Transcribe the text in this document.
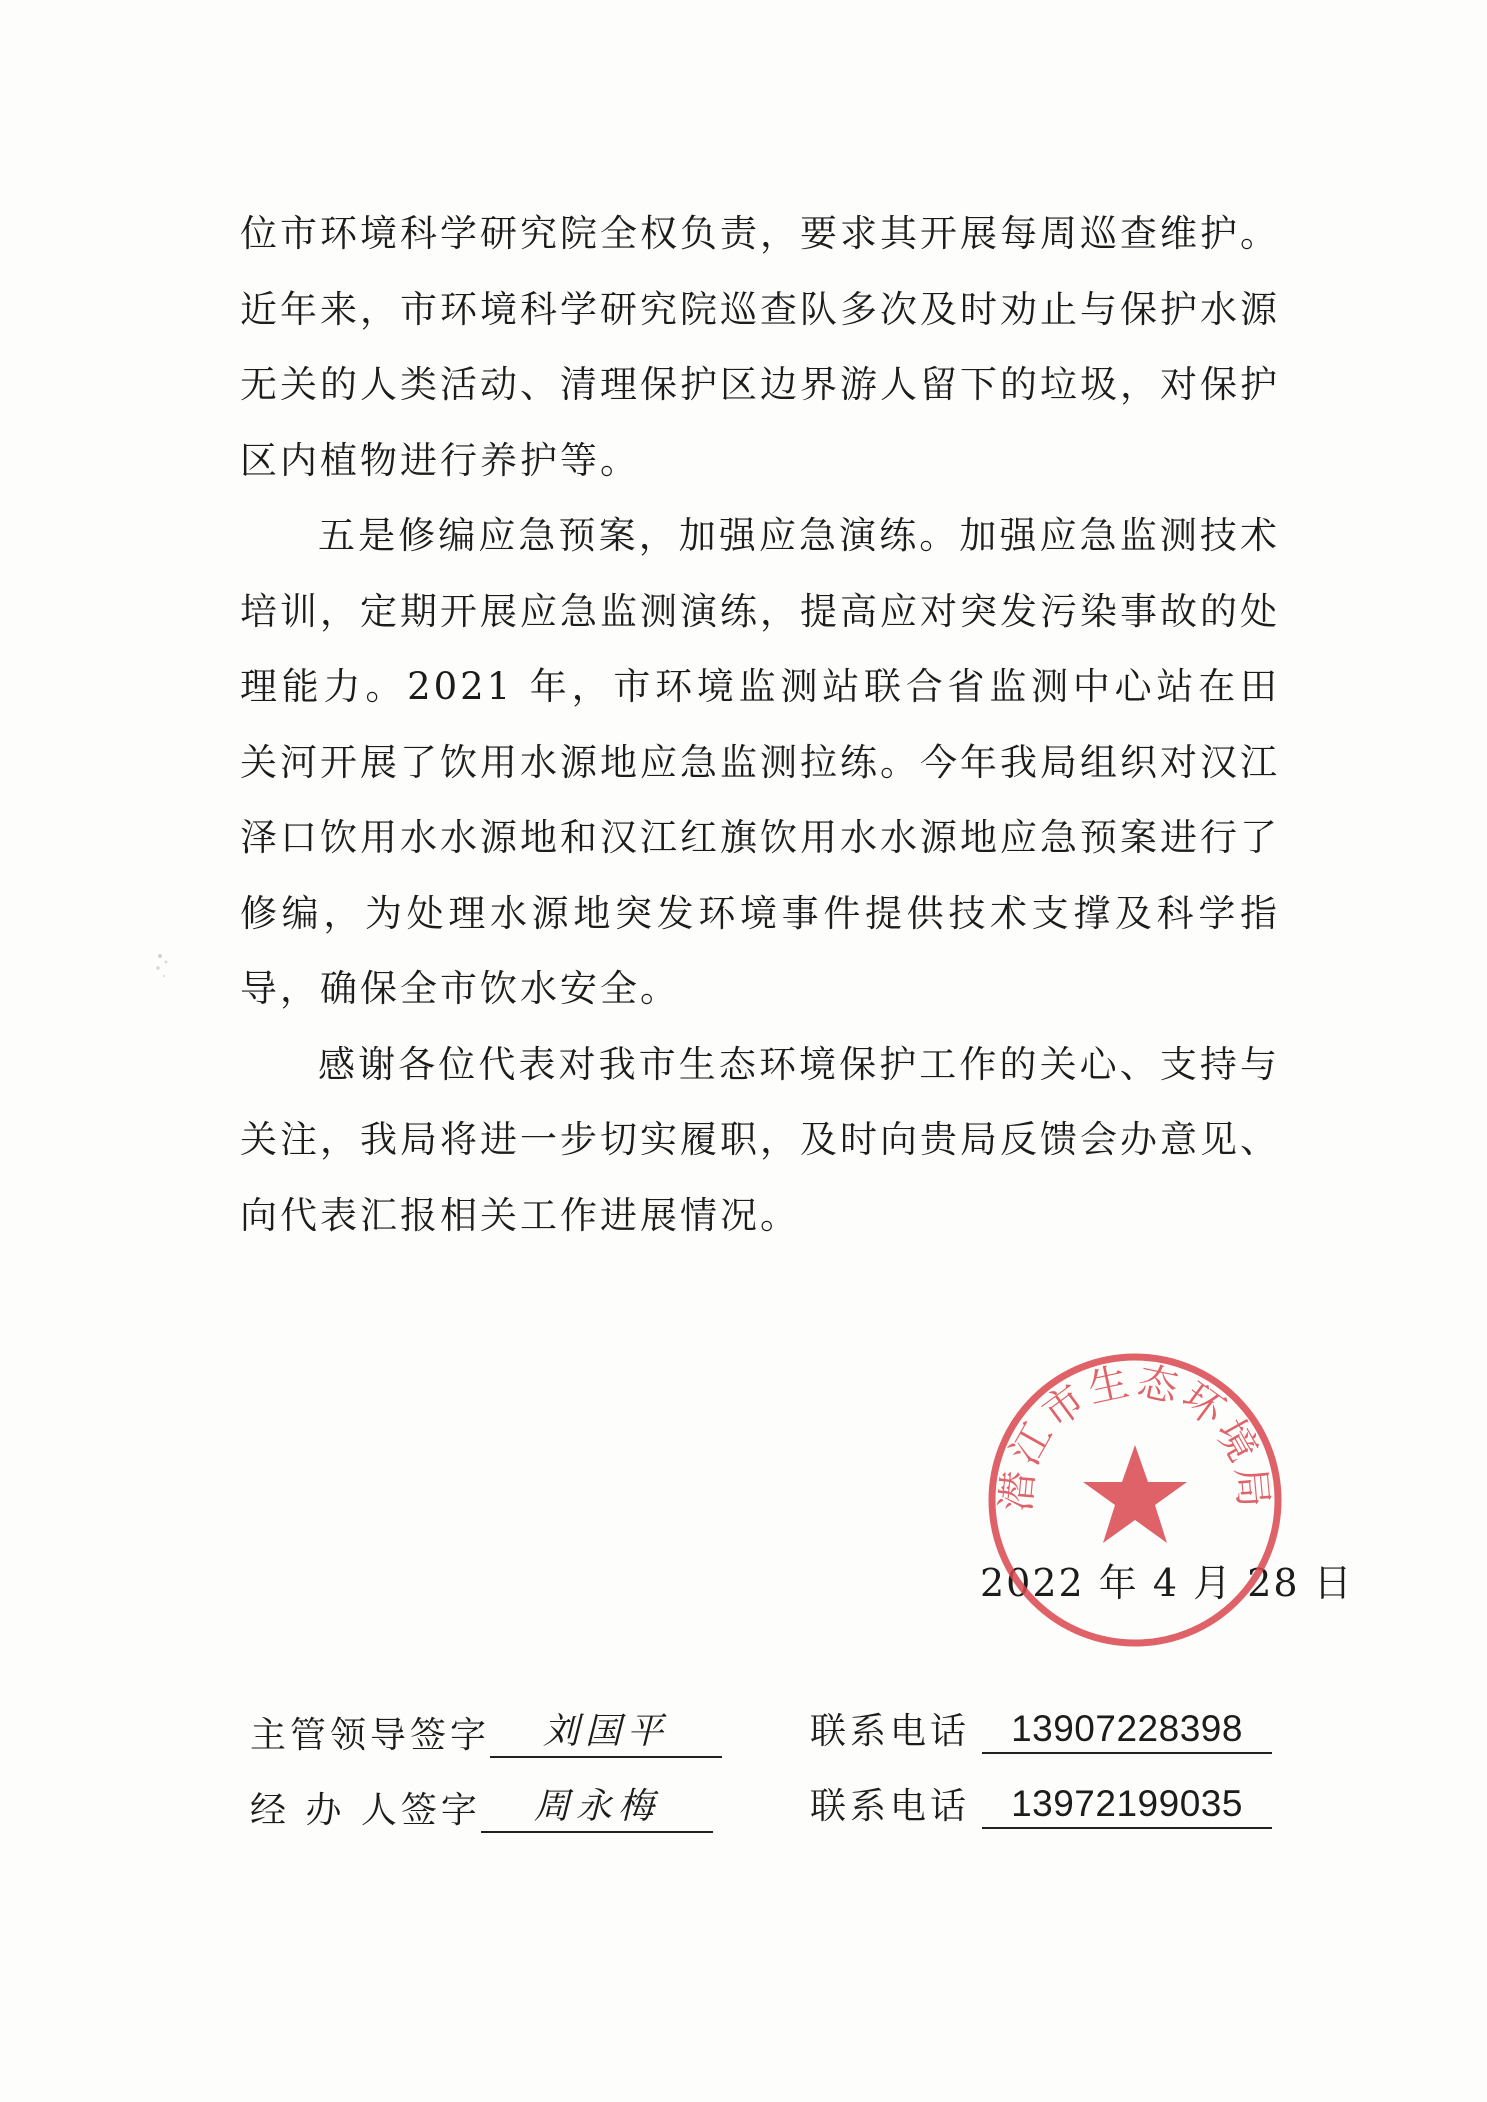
位市环境科学研究院全权负责，要求其开展每周巡查维护。近年来，市环境科学研究院巡查队多次及时劝止与保护水源无关的人类活动、清理保护区边界游人留下的垃圾，对保护区内植物进行养护等。

五是修编应急预案，加强应急演练。加强应急监测技术培训，定期开展应急监测演练，提高应对突发污染事故的处理能力。2021 年，市环境监测站联合省监测中心站在田关河开展了饮用水源地应急监测拉练。今年我局组织对汉江泽口饮用水水源地和汉江红旗饮用水水源地应急预案进行了修编，为处理水源地突发环境事件提供技术支撑及科学指导，确保全市饮水安全。

感谢各位代表对我市生态环境保护工作的关心、支持与关注，我局将进一步切实履职，及时向贵局反馈会办意见、向代表汇报相关工作进展情况。

2022 年 4 月 28 日
潜江市生态环境局
主管领导签字	刘国平	联系电话	13907228398
经 办 人签字	周永梅	联系电话	13972199035
